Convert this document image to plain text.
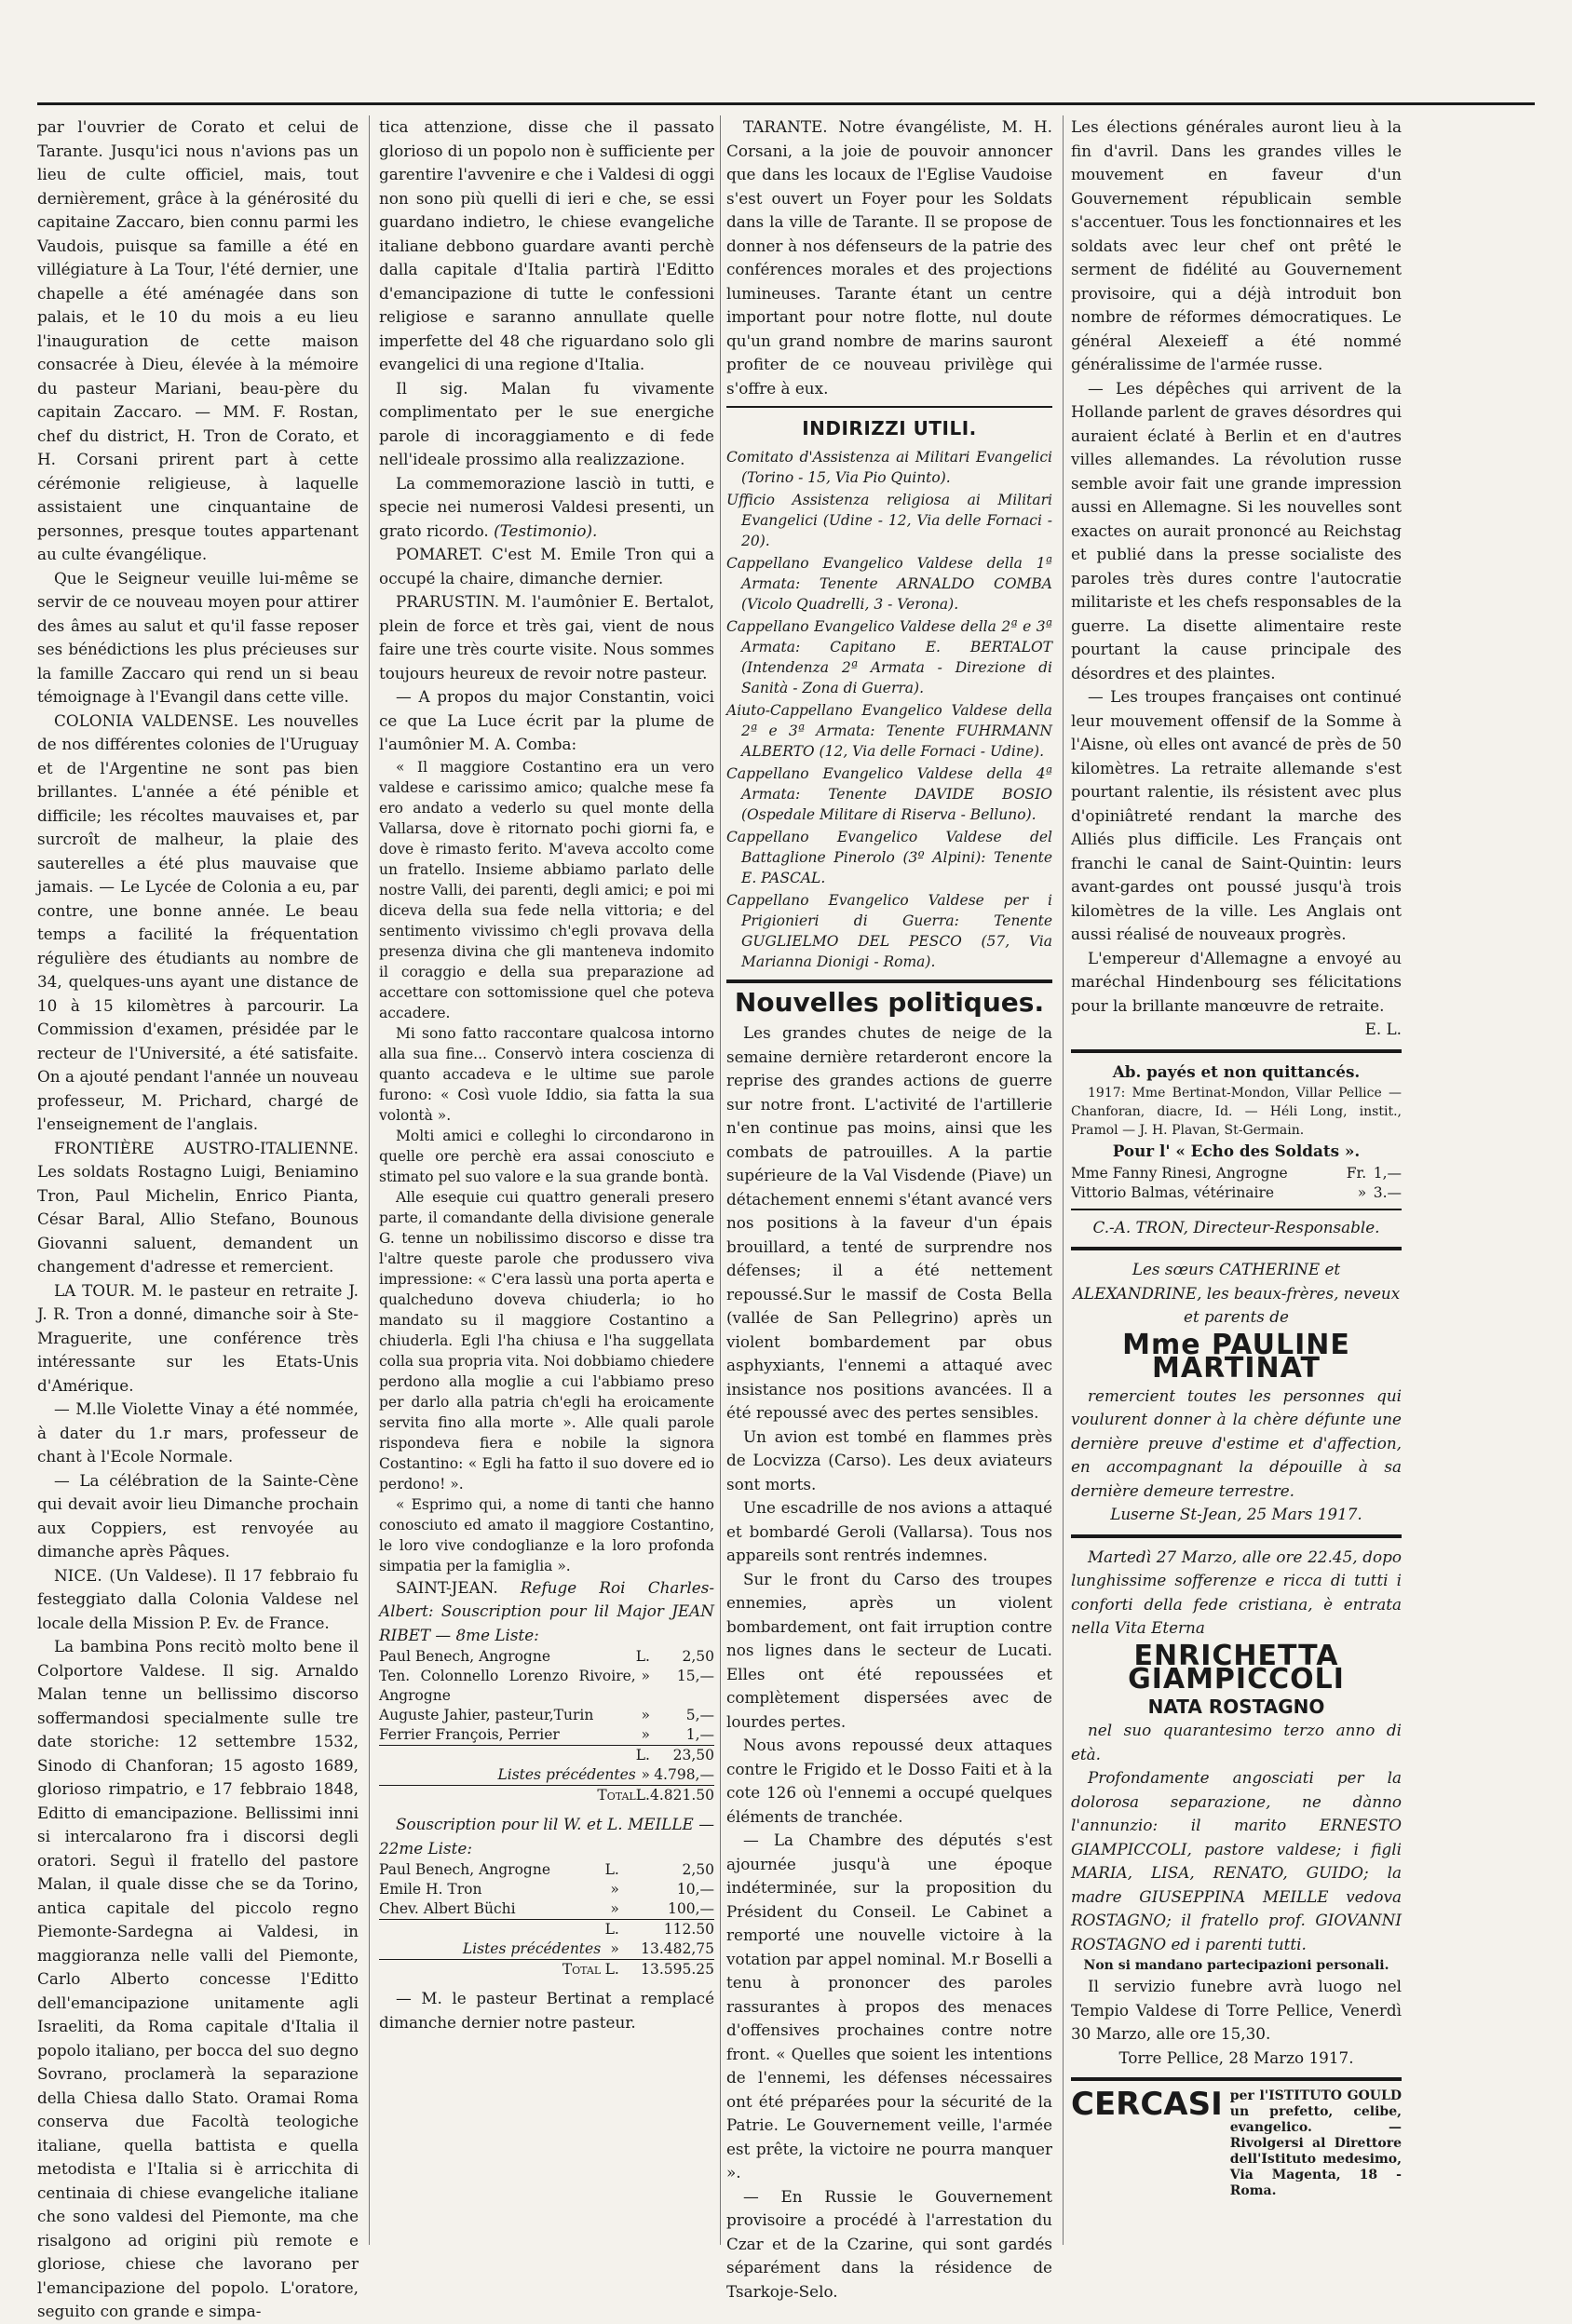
par l'ouvrier de Corato et celui de Tarante. Jusqu'ici nous n'avions pas un lieu de culte officiel, mais, tout dernièrement, grâce à la générosité du capitaine Zaccaro, bien connu parmi les Vaudois, puisque sa famille a été en villégiature à La Tour, l'été dernier, une chapelle a été aménagée dans son palais, et le 10 du mois a eu lieu l'inauguration de cette maison consacrée à Dieu, élevée à la mémoire du pasteur Mariani, beau-père du capitain Zaccaro. — MM. F. Rostan, chef du district, H. Tron de Corato, et H. Corsani prirent part à cette cérémonie religieuse, à laquelle assistaient une cinquantaine de personnes, presque toutes appartenant au culte évangélique.

Que le Seigneur veuille lui-même se servir de ce nouveau moyen pour attirer des âmes au salut et qu'il fasse reposer ses bénédictions les plus précieuses sur la famille Zaccaro qui rend un si beau témoignage à l'Evangil dans cette ville.

COLONIA VALDENSE. Les nouvelles de nos différentes colonies de l'Uruguay et de l'Argentine ne sont pas bien brillantes. L'année a été pénible et difficile; les récoltes mauvaises et, par surcroît de malheur, la plaie des sauterelles a été plus mauvaise que jamais. — Le Lycée de Colonia a eu, par contre, une bonne année. Le beau temps a facilité la fréquentation régulière des étudiants au nombre de 34, quelques-uns ayant une distance de 10 à 15 kilomètres à parcourir. La Commission d'examen, présidée par le recteur de l'Université, a été satisfaite. On a ajouté pendant l'année un nouveau professeur, M. Prichard, chargé de l'enseignement de l'anglais.

FRONTIÈRE AUSTRO-ITALIENNE. Les soldats Rostagno Luigi, Beniamino Tron, Paul Michelin, Enrico Pianta, César Baral, Allio Stefano, Bounous Giovanni saluent, demandent un changement d'adresse et remercient.

LA TOUR. M. le pasteur en retraite J. J. R. Tron a donné, dimanche soir à Ste-Mraguerite, une conférence très intéressante sur les Etats-Unis d'Amérique.

— M.lle Violette Vinay a été nommée, à dater du 1.r mars, professeur de chant à l'Ecole Normale.

— La célébration de la Sainte-Cène qui devait avoir lieu Dimanche prochain aux Coppiers, est renvoyée au dimanche après Pâques.

NICE. (Un Valdese). Il 17 febbraio fu festeggiato dalla Colonia Valdese nel locale della Mission P. Ev. de France.

La bambina Pons recitò molto bene il Colportore Valdese. Il sig. Arnaldo Malan tenne un bellissimo discorso soffermandosi specialmente sulle tre date storiche: 12 settembre 1532, Sinodo di Chanforan; 15 agosto 1689, glorioso rimpatrio, e 17 febbraio 1848, Editto di emancipazione. Bellissimi inni si intercalarono fra i discorsi degli oratori. Seguì il fratello del pastore Malan, il quale disse che se da Torino, antica capitale del piccolo regno Piemonte-Sardegna ai Valdesi, in maggioranza nelle valli del Piemonte, Carlo Alberto concesse l'Editto dell'emancipazione unitamente agli Israeliti, da Roma capitale d'Italia il popolo italiano, per bocca del suo degno Sovrano, proclamerà la separazione della Chiesa dallo Stato. Oramai Roma conserva due Facoltà teologiche italiane, quella battista e quella metodista e l'Italia si è arricchita di centinaia di chiese evangeliche italiane che sono valdesi del Piemonte, ma che risalgono ad origini più remote e gloriose, chiese che lavorano per l'emancipazione del popolo. L'oratore, seguito con grande e simpa-

tica attenzione, disse che il passato glorioso di un popolo non è sufficiente per garentire l'avvenire e che i Valdesi di oggi non sono più quelli di ieri e che, se essi guardano indietro, le chiese evangeliche italiane debbono guardare avanti perchè dalla capitale d'Italia partirà l'Editto d'emancipazione di tutte le confessioni religiose e saranno annullate quelle imperfette del 48 che riguardano solo gli evangelici di una regione d'Italia.

Il sig. Malan fu vivamente complimentato per le sue energiche parole di incoraggiamento e di fede nell'ideale prossimo alla realizzazione.

La commemorazione lasciò in tutti, e specie nei numerosi Valdesi presenti, un grato ricordo. (Testimonio).

POMARET. C'est M. Emile Tron qui a occupé la chaire, dimanche dernier.

PRARUSTIN. M. l'aumônier E. Bertalot, plein de force et très gai, vient de nous faire une très courte visite. Nous sommes toujours heureux de revoir notre pasteur.

— A propos du major Constantin, voici ce que La Luce écrit par la plume de l'aumônier M. A. Comba:

« Il maggiore Costantino era un vero valdese e carissimo amico; qualche mese fa ero andato a vederlo su quel monte della Vallarsa, dove è ritornato pochi giorni fa, e dove è rimasto ferito. M'aveva accolto come un fratello. Insieme abbiamo parlato delle nostre Valli, dei parenti, degli amici; e poi mi diceva della sua fede nella vittoria; e del sentimento vivissimo ch'egli provava della presenza divina che gli manteneva indomito il coraggio e della sua preparazione ad accettare con sottomissione quel che poteva accadere.

Mi sono fatto raccontare qualcosa intorno alla sua fine... Conservò intera coscienza di quanto accadeva e le ultime sue parole furono: « Così vuole Iddio, sia fatta la sua volontà ».

Molti amici e colleghi lo circondarono in quelle ore perchè era assai conosciuto e stimato pel suo valore e la sua grande bontà.

Alle esequie cui quattro generali presero parte, il comandante della divisione generale G. tenne un nobilissimo discorso e disse tra l'altre queste parole che produssero viva impressione: « C'era lassù una porta aperta e qualcheduno doveva chiuderla; io ho mandato su il maggiore Costantino a chiuderla. Egli l'ha chiusa e l'ha suggellata colla sua propria vita. Noi dobbiamo chiedere perdono alla moglie a cui l'abbiamo preso per darlo alla patria ch'egli ha eroicamente servita fino alla morte ». Alle quali parole rispondeva fiera e nobile la signora Costantino: « Egli ha fatto il suo dovere ed io perdono! ».

« Esprimo qui, a nome di tanti che hanno conosciuto ed amato il maggiore Costantino, le loro vive condoglianze e la loro profonda simpatia per la famiglia ».

SAINT-JEAN. Refuge Roi Charles-Albert: Souscription pour lil Major JEAN RIBET — 8me Liste:

Paul Benech, Angrogne	L.	2,50
Ten. Colonnello Lorenzo Rivoire, Angrogne	»	15,—
Auguste Jahier, pasteur,Turin	»	5,—
Ferrier François, Perrier	»	1,—
	L.	23,50
Listes précédentes	»	4.798,—
Total	L.	4.821.50

Souscription pour lil W. et L. MEILLE — 22me Liste:

Paul Benech, Angrogne	L.	2,50
Emile H. Tron	»	10,—
Chev. Albert Büchi	»	100,—
	L.	112.50
Listes précédentes	»	13.482,75
Total	L.	13.595.25

— M. le pasteur Bertinat a remplacé dimanche dernier notre pasteur.

TARANTE. Notre évangéliste, M. H. Corsani, a la joie de pouvoir annoncer que dans les locaux de l'Eglise Vaudoise s'est ouvert un Foyer pour les Soldats dans la ville de Tarante. Il se propose de donner à nos défenseurs de la patrie des conférences morales et des projections lumineuses. Tarante étant un centre important pour notre flotte, nul doute qu'un grand nombre de marins sauront profiter de ce nouveau privilège qui s'offre à eux.

INDIRIZZI UTILI.

Comitato d'Assistenza ai Militari Evangelici (Torino - 15, Via Pio Quinto).

Ufficio Assistenza religiosa ai Militari Evangelici (Udine - 12, Via delle Fornaci - 20).

Cappellano Evangelico Valdese della 1ª Armata: Tenente ARNALDO COMBA (Vicolo Quadrelli, 3 - Verona).

Cappellano Evangelico Valdese della 2ª e 3ª Armata: Capitano E. BERTALOT (Intendenza 2ª Armata - Direzione di Sanità - Zona di Guerra).

Aiuto-Cappellano Evangelico Valdese della 2ª e 3ª Armata: Tenente FUHRMANN ALBERTO (12, Via delle Fornaci - Udine).

Cappellano Evangelico Valdese della 4ª Armata: Tenente DAVIDE BOSIO (Ospedale Militare di Riserva - Belluno).

Cappellano Evangelico Valdese del Battaglione Pinerolo (3º Alpini): Tenente E. PASCAL.

Cappellano Evangelico Valdese per i Prigionieri di Guerra: Tenente GUGLIELMO DEL PESCO (57, Via Marianna Dionigi - Roma).

Nouvelles politiques.

Les grandes chutes de neige de la semaine dernière retarderont encore la reprise des grandes actions de guerre sur notre front. L'activité de l'artillerie n'en continue pas moins, ainsi que les combats de patrouilles. A la partie supérieure de la Val Visdende (Piave) un détachement ennemi s'étant avancé vers nos positions à la faveur d'un épais brouillard, a tenté de surprendre nos défenses; il a été nettement repoussé.Sur le massif de Costa Bella (vallée de San Pellegrino) après un violent bombardement par obus asphyxiants, l'ennemi a attaqué avec insistance nos positions avancées. Il a été repoussé avec des pertes sensibles.

Un avion est tombé en flammes près de Locvizza (Carso). Les deux aviateurs sont morts.

Une escadrille de nos avions a attaqué et bombardé Geroli (Vallarsa). Tous nos appareils sont rentrés indemnes.

Sur le front du Carso des troupes ennemies, après un violent bombardement, ont fait irruption contre nos lignes dans le secteur de Lucati. Elles ont été repoussées et complètement dispersées avec de lourdes pertes.

Nous avons repoussé deux attaques contre le Frigido et le Dosso Faiti et à la cote 126 où l'ennemi a occupé quelques éléments de tranchée.

— La Chambre des députés s'est ajournée jusqu'à une époque indéterminée, sur la proposition du Président du Conseil. Le Cabinet a remporté une nouvelle victoire à la votation par appel nominal. M.r Boselli a tenu à prononcer des paroles rassurantes à propos des menaces d'offensives prochaines contre notre front. « Quelles que soient les intentions de l'ennemi, les défenses nécessaires ont été préparées pour la sécurité de la Patrie. Le Gouvernement veille, l'armée est prête, la victoire ne pourra manquer ».

— En Russie le Gouvernement provisoire a procédé à l'arrestation du Czar et de la Czarine, qui sont gardés séparément dans la résidence de Tsarkoje-Selo.

Les élections générales auront lieu à la fin d'avril. Dans les grandes villes le mouvement en faveur d'un Gouvernement républicain semble s'accentuer. Tous les fonctionnaires et les soldats avec leur chef ont prêté le serment de fidélité au Gouvernement provisoire, qui a déjà introduit bon nombre de réformes démocratiques. Le général Alexeieff a été nommé généralissime de l'armée russe.

— Les dépêches qui arrivent de la Hollande parlent de graves désordres qui auraient éclaté à Berlin et en d'autres villes allemandes. La révolution russe semble avoir fait une grande impression aussi en Allemagne. Si les nouvelles sont exactes on aurait prononcé au Reichstag et publié dans la presse socialiste des paroles très dures contre l'autocratie militariste et les chefs responsables de la guerre. La disette alimentaire reste pourtant la cause principale des désordres et des plaintes.

— Les troupes françaises ont continué leur mouvement offensif de la Somme à l'Aisne, où elles ont avancé de près de 50 kilomètres. La retraite allemande s'est pourtant ralentie, ils résistent avec plus d'opiniâtreté rendant la marche des Alliés plus difficile. Les Français ont franchi le canal de Saint-Quintin: leurs avant-gardes ont poussé jusqu'à trois kilomètres de la ville. Les Anglais ont aussi réalisé de nouveaux progrès.

L'empereur d'Allemagne a envoyé au maréchal Hindenbourg ses félicitations pour la brillante manœuvre de retraite.

E. L.

Ab. payés et non quittancés.

1917: Mme Bertinat-Mondon, Villar Pellice — Chanforan, diacre, Id. — Héli Long, instit., Pramol — J. H. Plavan, St-Germain.

Pour l' « Echo des Soldats ».

Mme Fanny Rinesi, Angrogne	Fr.	1,—
Vittorio Balmas, vétérinaire	»	3.—

C.-A. TRON, Directeur-Responsable.

Les sœurs CATHERINE et ALEXANDRINE, les beaux-frères, neveux et parents de

Mme PAULINE MARTINAT

remercient toutes les personnes qui voulurent donner à la chère défunte une dernière preuve d'estime et d'affection, en accompagnant la dépouille à sa dernière demeure terrestre.

Luserne St-Jean, 25 Mars 1917.

Martedì 27 Marzo, alle ore 22.45, dopo lunghissime sofferenze e ricca di tutti i conforti della fede cristiana, è entrata nella Vita Eterna

ENRICHETTA GIAMPICCOLI
NATA ROSTAGNO

nel suo quarantesimo terzo anno di età.

Profondamente angosciati per la dolorosa separazione, ne dànno l'annunzio: il marito ERNESTO GIAMPICCOLI, pastore valdese; i figli MARIA, LISA, RENATO, GUIDO; la madre GIUSEPPINA MEILLE vedova ROSTAGNO; il fratello prof. GIOVANNI ROSTAGNO ed i parenti tutti.

Non si mandano partecipazioni personali.

Il servizio funebre avrà luogo nel Tempio Valdese di Torre Pellice, Venerdì 30 Marzo, alle ore 15,30.

Torre Pellice, 28 Marzo 1917.

CERCASI per l'ISTITUTO GOULD un prefetto, celibe, evangelico. — Rivolgersi al Direttore dell'Istituto medesimo, Via Magenta, 18 - Roma.
